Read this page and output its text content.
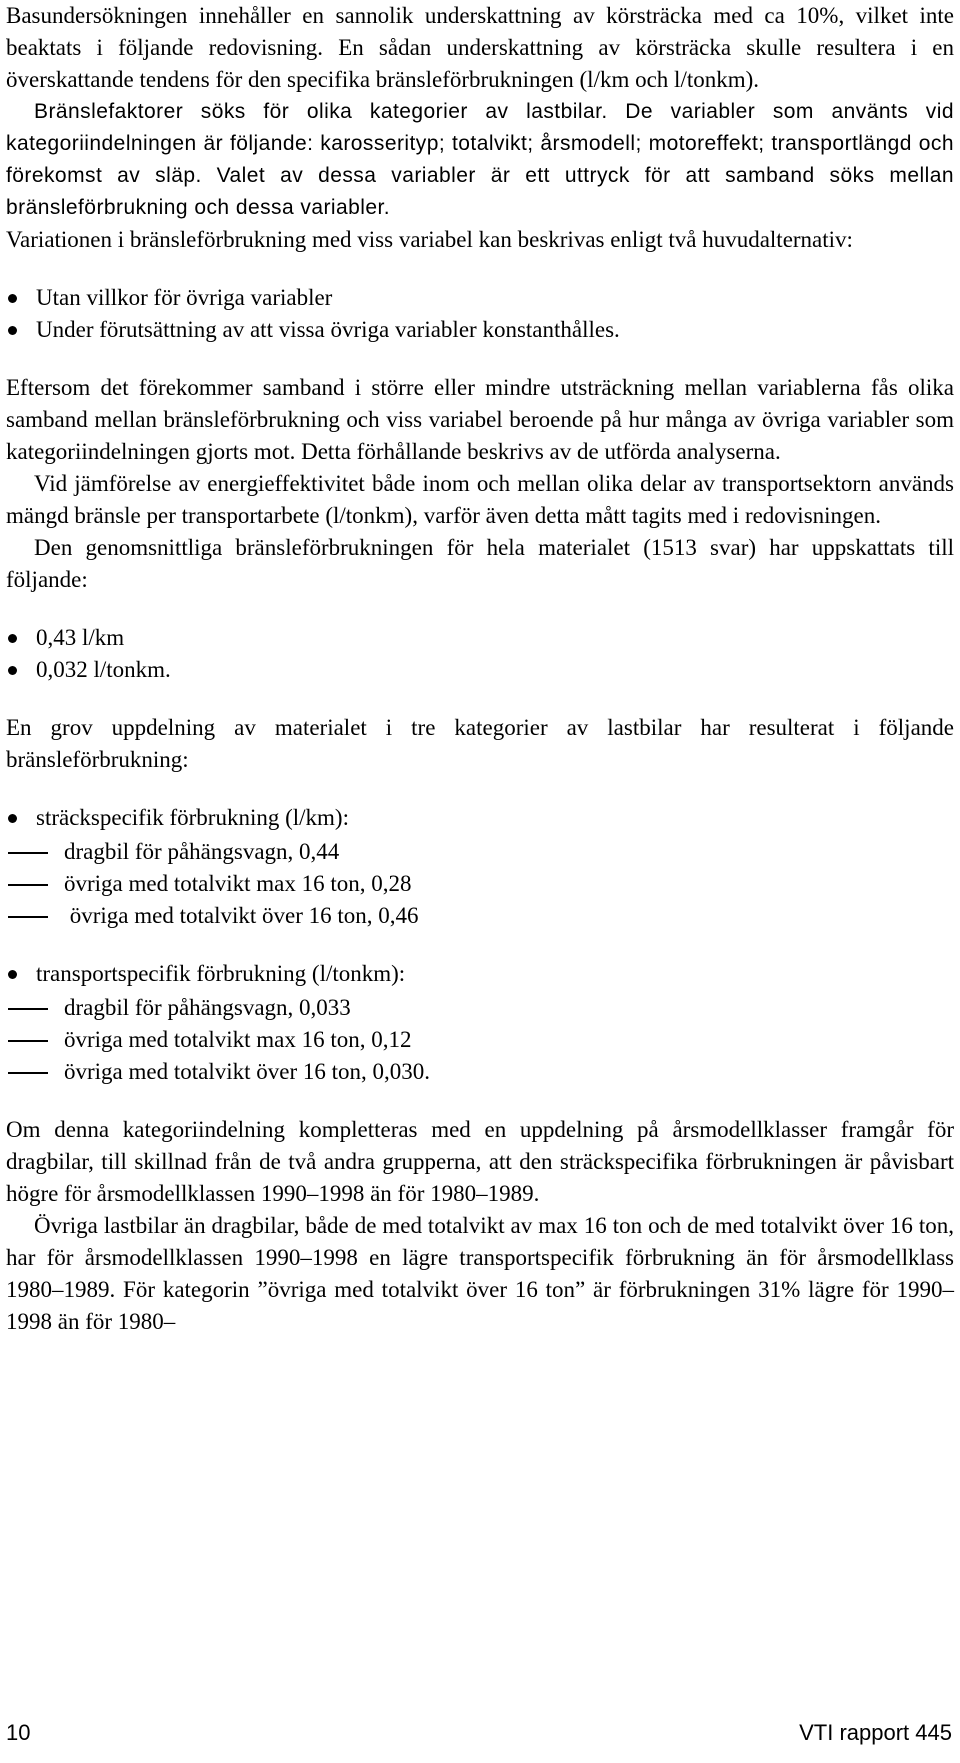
Basundersökningen innehåller en sannolik underskattning av körsträcka med ca 10%, vilket inte beaktats i följande redovisning. En sådan underskattning av körsträcka skulle resultera i en överskattande tendens för den specifika bränsleförbrukningen (l/km och l/tonkm).

Bränslefaktorer söks för olika kategorier av lastbilar. De variabler som använts vid kategoriindelningen är följande: karosserityp; totalvikt; årsmodell; motoreffekt; transportlängd och förekomst av släp. Valet av dessa variabler är ett uttryck för att samband söks mellan bränsleförbrukning och dessa variabler.

Variationen i bränsleförbrukning med viss variabel kan beskrivas enligt två huvudalternativ:

Utan villkor för övriga variabler
Under förutsättning av att vissa övriga variabler konstanthålles.

Eftersom det förekommer samband i större eller mindre utsträckning mellan variablerna fås olika samband mellan bränsleförbrukning och viss variabel beroende på hur många av övriga variabler som kategoriindelningen gjorts mot. Detta förhållande beskrivs av de utförda analyserna.

Vid jämförelse av energieffektivitet både inom och mellan olika delar av transportsektorn används mängd bränsle per transportarbete (l/tonkm), varför även detta mått tagits med i redovisningen.

Den genomsnittliga bränsleförbrukningen för hela materialet (1513 svar) har uppskattats till följande:

0,43 l/km
0,032 l/tonkm.

En grov uppdelning av materialet i tre kategorier av lastbilar har resulterat i följande bränsleförbrukning:

sträckspecifik förbrukning (l/km):
dragbil för påhängsvagn, 0,44
övriga med totalvikt max 16 ton, 0,28
övriga med totalvikt över 16 ton, 0,46
transportspecifik förbrukning (l/tonkm):
dragbil för påhängsvagn, 0,033
övriga med totalvikt max 16 ton, 0,12
övriga med totalvikt över 16 ton, 0,030.

Om denna kategoriindelning kompletteras med en uppdelning på årsmodellklasser framgår för dragbilar, till skillnad från de två andra grupperna, att den sträckspecifika förbrukningen är påvisbart högre för årsmodellklassen 1990–1998 än för 1980–1989.

Övriga lastbilar än dragbilar, både de med totalvikt av max 16 ton och de med totalvikt över 16 ton, har för årsmodellklassen 1990–1998 en lägre transportspecifik förbrukning än för årsmodellklass 1980–1989. För kategorin ”övriga med totalvikt över 16 ton” är förbrukningen 31% lägre för 1990–1998 än för 1980–

10	VTI rapport 445
